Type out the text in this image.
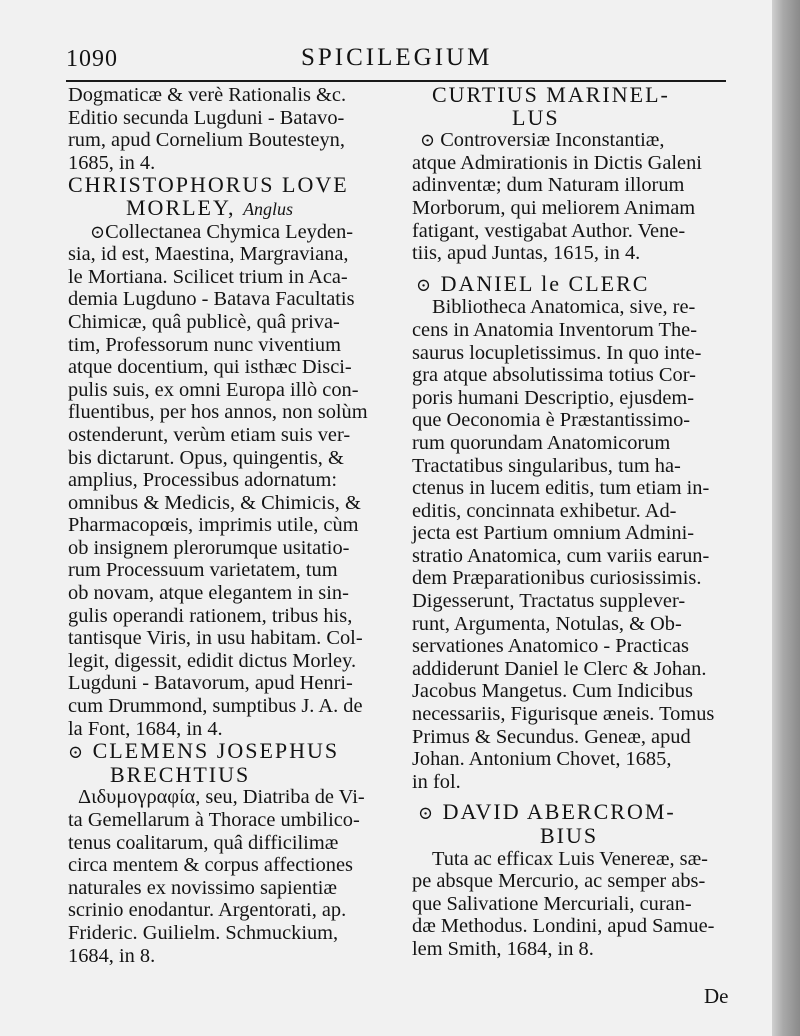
1090	SPICILEGIUM
Dogmaticæ & verè Rationalis &c.
Editio secunda Lugduni - Batavo-
rum, apud Cornelium Boutesteyn,
1685, in 4.
CHRISTOPHORUS LOVE
MORLEY, Anglus
⊙Collectanea Chymica Leyden-
sia, id est, Maestina, Margraviana,
le Mortiana. Scilicet trium in Aca-
demia Lugduno - Batava Facultatis
Chimicæ, quâ publicè, quâ priva-
tim, Professorum nunc viventium
atque docentium, qui isthæc Disci-
pulis suis, ex omni Europa illò con-
fluentibus, per hos annos, non solùm
ostenderunt, verùm etiam suis ver-
bis dictarunt. Opus, quingentis, &
amplius, Processibus adornatum:
omnibus & Medicis, & Chimicis, &
Pharmacopœis, imprimis utile, cùm
ob insignem plerorumque usitatio-
rum Processuum varietatem, tum
ob novam, atque elegantem in sin-
gulis operandi rationem, tribus his,
tantisque Viris, in usu habitam. Col-
legit, digessit, edidit dictus Morley.
Lugduni - Batavorum, apud Henri-
cum Drummond, sumptibus J. A. de
la Font, 1684, in 4.
⊙ CLEMENS JOSEPHUS
BRECHTIUS
Διδυμογραφία, seu, Diatriba de Vi-
ta Gemellarum à Thorace umbilico-
tenus coalitarum, quâ difficilimæ
circa mentem & corpus affectiones
naturales ex novissimo sapientiæ
scrinio enodantur. Argentorati, ap.
Frideric. Guilielm. Schmuckium,
1684, in 8.
CURTIUS MARINEL-
LUS
⊙ Controversiæ Inconstantiæ,
atque Admirationis in Dictis Galeni
adinventæ; dum Naturam illorum
Morborum, qui meliorem Animam
fatigant, vestigabat Author. Vene-
tiis, apud Juntas, 1615, in 4.
⊙ DANIEL le CLERC
Bibliotheca Anatomica, sive, re-
cens in Anatomia Inventorum The-
saurus locupletissimus. In quo inte-
gra atque absolutissima totius Cor-
poris humani Descriptio, ejusdem-
que Oeconomia è Præstantissimo-
rum quorundam Anatomicorum
Tractatibus singularibus, tum ha-
ctenus in lucem editis, tum etiam in-
editis, concinnata exhibetur. Ad-
jecta est Partium omnium Admini-
stratio Anatomica, cum variis earun-
dem Præparationibus curiosissimis.
Digesserunt, Tractatus supplever-
runt, Argumenta, Notulas, & Ob-
servationes Anatomico - Practicas
addiderunt Daniel le Clerc & Johan.
Jacobus Mangetus. Cum Indicibus
necessariis, Figurisque æneis. Tomus
Primus & Secundus. Geneæ, apud
Johan. Antonium Chovet, 1685,
in fol.
⊙ DAVID ABERCROM-
BIUS
Tuta ac efficax Luis Venereæ, sæ-
pe absque Mercurio, ac semper abs-
que Salivatione Mercuriali, curan-
dæ Methodus. Londini, apud Samue-
lem Smith, 1684, in 8.
De
